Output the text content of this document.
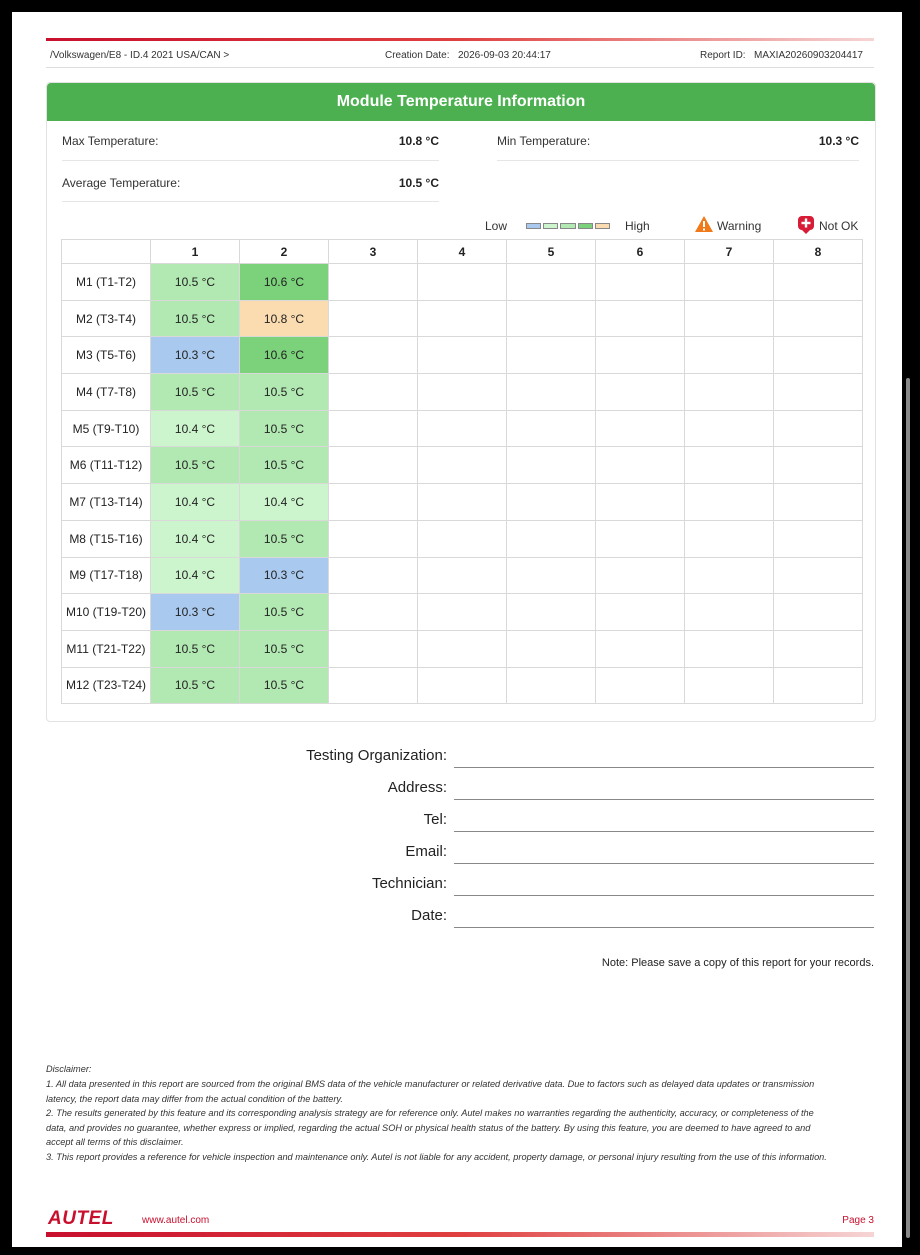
/Volkswagen/E8 - ID.4 2021 USA/CAN >	Creation Date: 2026-09-03 20:44:17	Report ID: MAXIA20260903204417
Module Temperature Information
Max Temperature:	10.8 °C	Min Temperature:	10.3 °C
Average Temperature:	10.5 °C
Low	High	Warning	Not OK
	1	2	3	4	5	6	7	8
M1 (T1-T2)	10.5 °C	10.6 °C						
M2 (T3-T4)	10.5 °C	10.8 °C						
M3 (T5-T6)	10.3 °C	10.6 °C						
M4 (T7-T8)	10.5 °C	10.5 °C						
M5 (T9-T10)	10.4 °C	10.5 °C						
M6 (T11-T12)	10.5 °C	10.5 °C						
M7 (T13-T14)	10.4 °C	10.4 °C						
M8 (T15-T16)	10.4 °C	10.5 °C						
M9 (T17-T18)	10.4 °C	10.3 °C						
M10 (T19-T20)	10.3 °C	10.5 °C						
M11 (T21-T22)	10.5 °C	10.5 °C						
M12 (T23-T24)	10.5 °C	10.5 °C						
Testing Organization:
Address:
Tel:
Email:
Technician:
Date:
Note: Please save a copy of this report for your records.
Disclaimer:
1. All data presented in this report are sourced from the original BMS data of the vehicle manufacturer or related derivative data. Due to factors such as delayed data updates or transmission latency, the report data may differ from the actual condition of the battery.
2. The results generated by this feature and its corresponding analysis strategy are for reference only. Autel makes no warranties regarding the authenticity, accuracy, or completeness of the data, and provides no guarantee, whether express or implied, regarding the actual SOH or physical health status of the battery. By using this feature, you are deemed to have agreed to and accept all terms of this disclaimer.
3. This report provides a reference for vehicle inspection and maintenance only. Autel is not liable for any accident, property damage, or personal injury resulting from the use of this information.
AUTEL	www.autel.com	Page 3
